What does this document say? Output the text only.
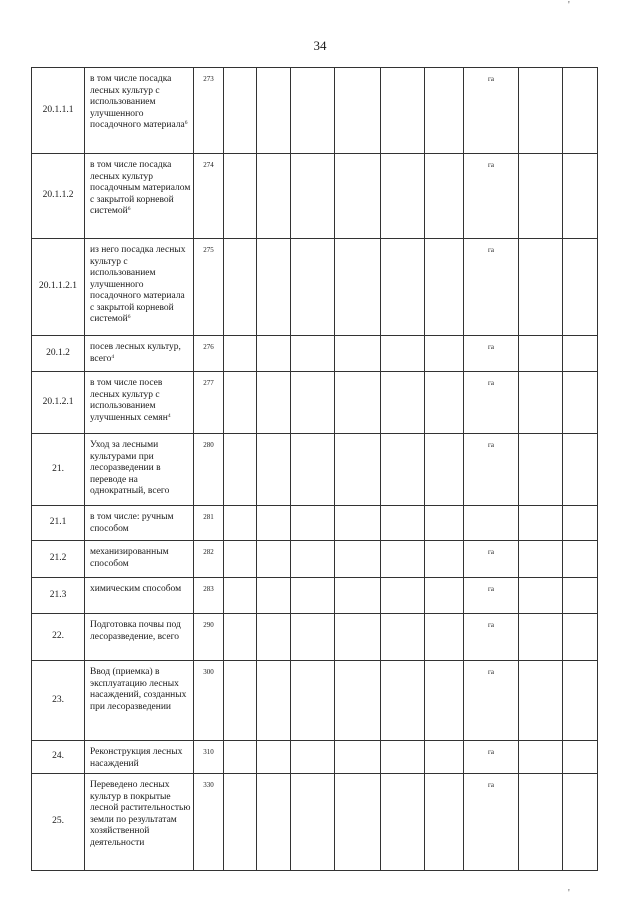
34
20.1.1.1	в том числе посадка лесных культур с использованием улучшенного посадочного материала$^6$	273							га		
20.1.1.2	в том числе посадка лесных культур посадочным материалом с закрытой корневой системой$^6$	274							га		
20.1.1.2.1	из него посадка лесных культур с использованием улучшенного посадочного материала с закрытой корневой системой$^6$	275							га		
20.1.2	посев лесных культур, всего$^4$	276							га		
20.1.2.1	в том числе посев лесных культур с использованием улучшенных семян$^4$	277							га		
21.	Уход за лесными культурами при лесоразведении в переводе на однократный, всего	280							га		
21.1	в том числе: ручным способом	281									
21.2	механизированным способом	282							га		
21.3	химическим способом	283							га		
22.	Подготовка почвы под лесоразведение, всего	290							га		
23.	Ввод (приемка) в эксплуатацию лесных насаждений, созданных при лесоразведении	300							га		
24.	Реконструкция лесных насаждений	310							га		
25.	Переведено лесных культур в покрытые лесной растительностью земли по результатам хозяйственной деятельности	330							га		
'
'
